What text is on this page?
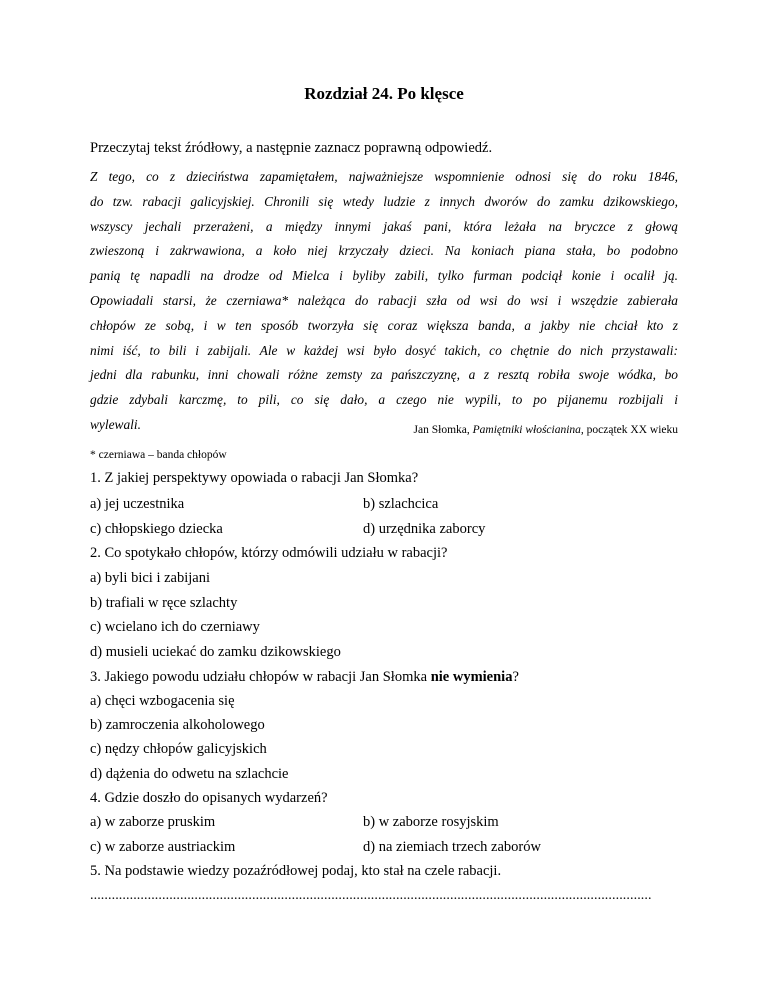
Rozdział 24. Po klęsce
Przeczytaj tekst źródłowy, a następnie zaznacz poprawną odpowiedź.

Z tego, co z dzieciństwa zapamiętałem, najważniejsze wspomnienie odnosi się do roku 1846,

do tzw. rabacji galicyjskiej. Chronili się wtedy ludzie z innych dworów do zamku dzikowskiego,

wszyscy jechali przerażeni, a między innymi jakaś pani, która leżała na bryczce z głową

zwieszoną i zakrwawiona, a koło niej krzyczały dzieci. Na koniach piana stała, bo podobno

panią tę napadli na drodze od Mielca i byliby zabili, tylko furman podciął konie i ocalił ją.

Opowiadali starsi, że czerniawa* należąca do rabacji szła od wsi do wsi i wszędzie zabierała

chłopów ze sobą, i w ten sposób tworzyła się coraz większa banda, a jakby nie chciał kto z

nimi iść, to bili i zabijali. Ale w każdej wsi było dosyć takich, co chętnie do nich przystawali:

jedni dla rabunku, inni chowali różne zemsty za pańszczyznę, a z resztą robiła swoje wódka, bo

gdzie zdybali karczmę, to pili, co się dało, a czego nie wypili, to po pijanemu rozbijali i

wylewali.	Jan Słomka, Pamiętniki włościanina, początek XX wieku
* czerniawa – banda chłopów
1. Z jakiej perspektywy opowiada o rabacji Jan Słomka?
a) jej uczestnika	b) szlachcica
c) chłopskiego dziecka	d) urzędnika zaborcy
2. Co spotykało chłopów, którzy odmówili udziału w rabacji?
a) byli bici i zabijani
b) trafiali w ręce szlachty
c) wcielano ich do czerniawy
d) musieli uciekać do zamku dzikowskiego
3. Jakiego powodu udziału chłopów w rabacji Jan Słomka nie wymienia?
a) chęci wzbogacenia się
b) zamroczenia alkoholowego
c) nędzy chłopów galicyjskich
d) dążenia do odwetu na szlachcie
4. Gdzie doszło do opisanych wydarzeń?
a) w zaborze pruskim	b) w zaborze rosyjskim
c) w zaborze austriackim	d) na ziemiach trzech zaborów
5. Na podstawie wiedzy pozaźródłowej podaj, kto stał na czele rabacji.
............................................................................................................................................................
